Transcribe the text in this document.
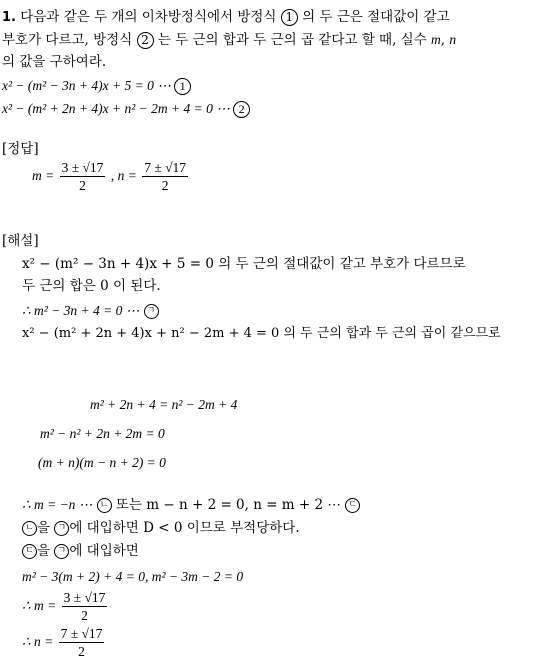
1. 다음과 같은 두 개의 이차방정식에서 방정식 1 의 두 근은 절대값이 같고
부호가 다르고, 방정식 2 는 두 근의 합과 두 근의 곱 같다고 할 때, 실수 m, n
의 값을 구하여라.
x² − (m² − 3n + 4)x + 5 = 0 ⋯ 1
x² − (m² + 2n + 4)x + n² − 2m + 4 = 0 ⋯ 2
[정답]
$m = \frac{3 \pm √17}{2}$ , $n = \frac{7 \pm √17}{2}$
[해설]
x² − (m² − 3n + 4)x + 5 = 0 의 두 근의 절대값이 같고 부호가 다르므로
두 근의 합은 0 이 된다.
∴ m² − 3n + 4 = 0 ⋯ ㄱ
x² − (m² + 2n + 4)x + n² − 2m + 4 = 0 의 두 근의 합과 두 근의 곱이 같으므로
m² + 2n + 4 = n² − 2m + 4
m² − n² + 2n + 2m = 0
(m + n)(m − n + 2) = 0
∴ m = −n ⋯ ㄴ 또는 m − n + 2 = 0, n = m + 2 ⋯ ㄷ
ㄴ 을 ㄱ 에 대입하면 D < 0 이므로 부적당하다.
ㄷ 을 ㄱ 에 대입하면
m² − 3(m + 2) + 4 = 0, m² − 3m − 2 = 0
∴ $m = \frac{3 \pm √17}{2}$
∴ $n = \frac{7 \pm √17}{2}$
